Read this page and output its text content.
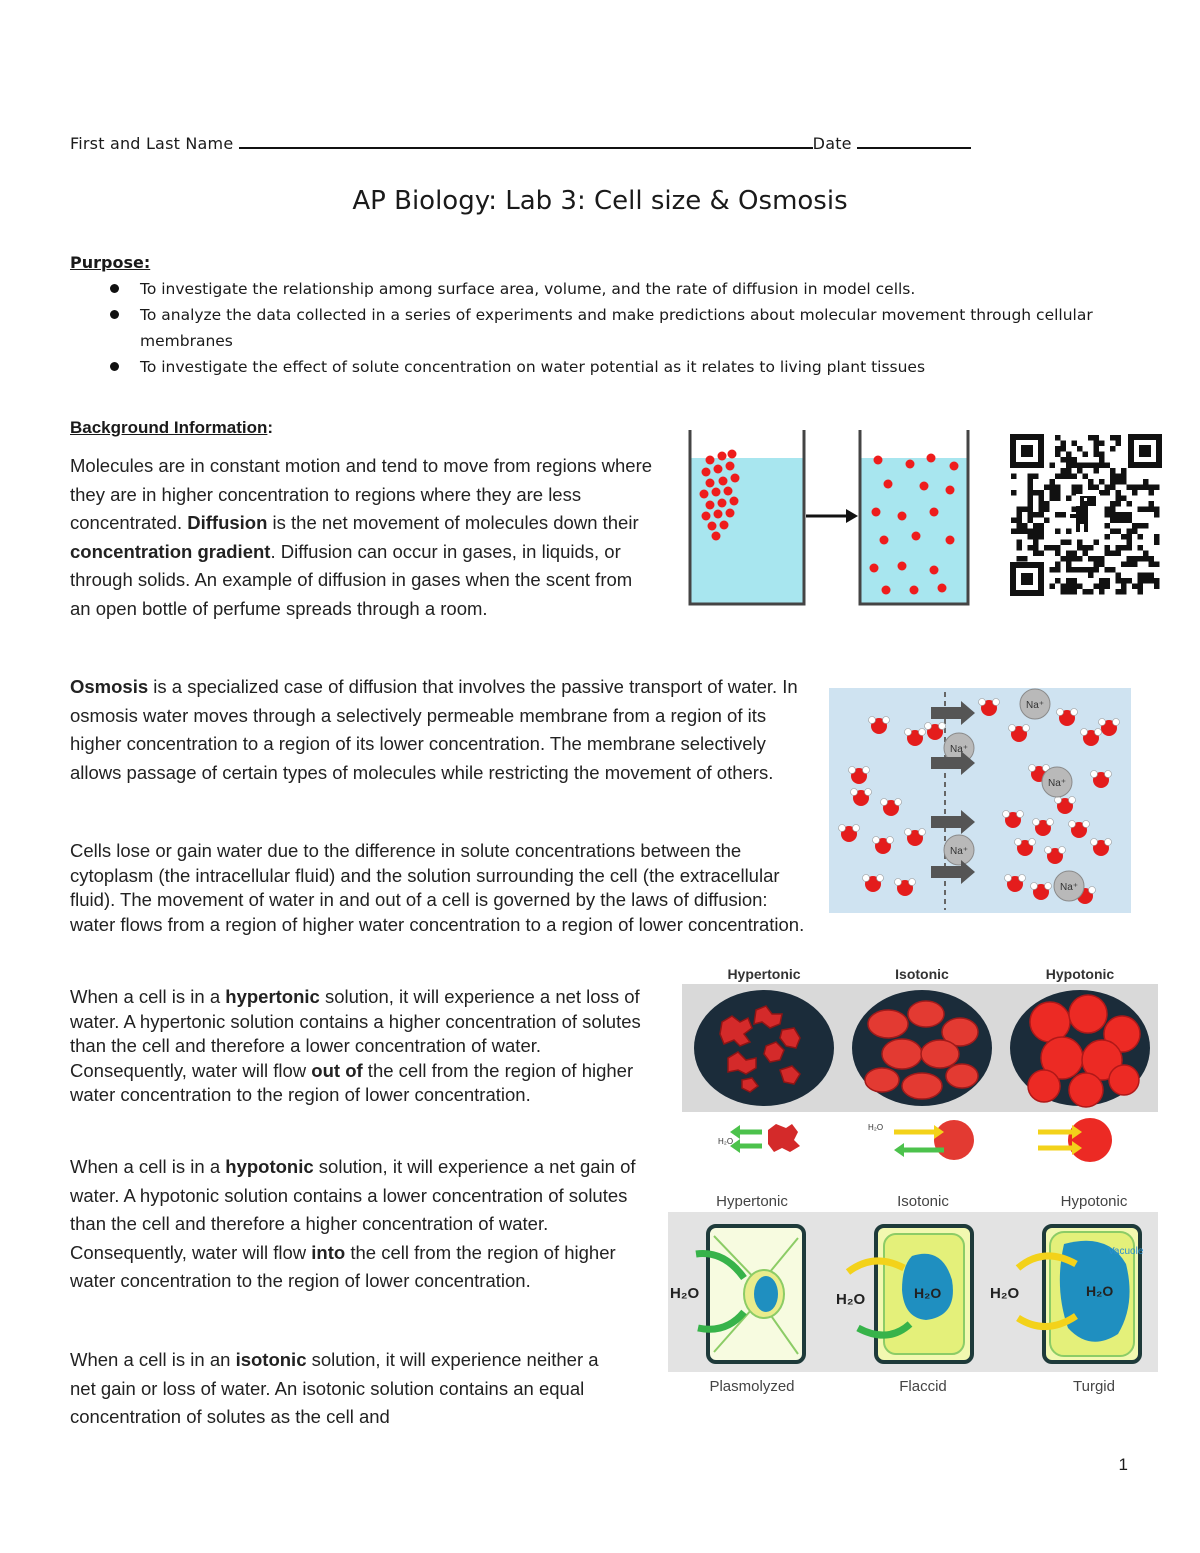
First and Last Name	Date
AP Biology: Lab 3: Cell size & Osmosis
Purpose:
To investigate the relationship among surface area, volume, and the rate of diffusion in model cells.
To analyze the data collected in a series of experiments and make predictions about molecular movement through cellular membranes
To investigate the effect of solute concentration on water potential as it relates to living plant tissues
Background Information:
Molecules are in constant motion and tend to move from regions where they are in higher concentration to regions where they are less concentrated. Diffusion is the net movement of molecules down their concentration gradient. Diffusion can occur in gases, in liquids, or through solids. An example of diffusion in gases when the scent from an open bottle of perfume spreads through a room.
Osmosis is a specialized case of diffusion that involves the passive transport of water. In osmosis water moves through a selectively permeable membrane from a region of its higher concentration to a region of its lower concentration. The membrane selectively allows passage of certain types of molecules while restricting the movement of others.
Cells lose or gain water due to the difference in solute concentrations between the cytoplasm (the intracellular fluid) and the solution surrounding the cell (the extracellular fluid). The movement of water in and out of a cell is governed by the laws of diffusion: water flows from a region of higher water concentration to a region of lower concentration.
When a cell is in a hypertonic solution, it will experience a net loss of water. A hypertonic solution contains a higher concentration of solutes than the cell and therefore a lower concentration of water. Consequently, water will flow out of the cell from the region of higher water concentration to the region of lower concentration.
When a cell is in a hypotonic solution, it will experience a net gain of water. A hypotonic solution contains a lower concentration of solutes than the cell and therefore a higher concentration of water. Consequently, water will flow into the cell from the region of higher water concentration to the region of lower concentration.
When a cell is in an isotonic solution, it will experience neither a net gain or loss of water. An isotonic solution contains an equal concentration of solutes as the cell and
Na⁺
Na⁺
Na⁺
Na⁺
Na⁺
Hypertonic	Isotonic	Hypotonic
H₂O
H₂O
Hypertonic	Isotonic	Hypotonic
H₂O	H₂O
H₂O	H₂O
H₂O
Vacuole
Plasmolyzed	Flaccid	Turgid
1
